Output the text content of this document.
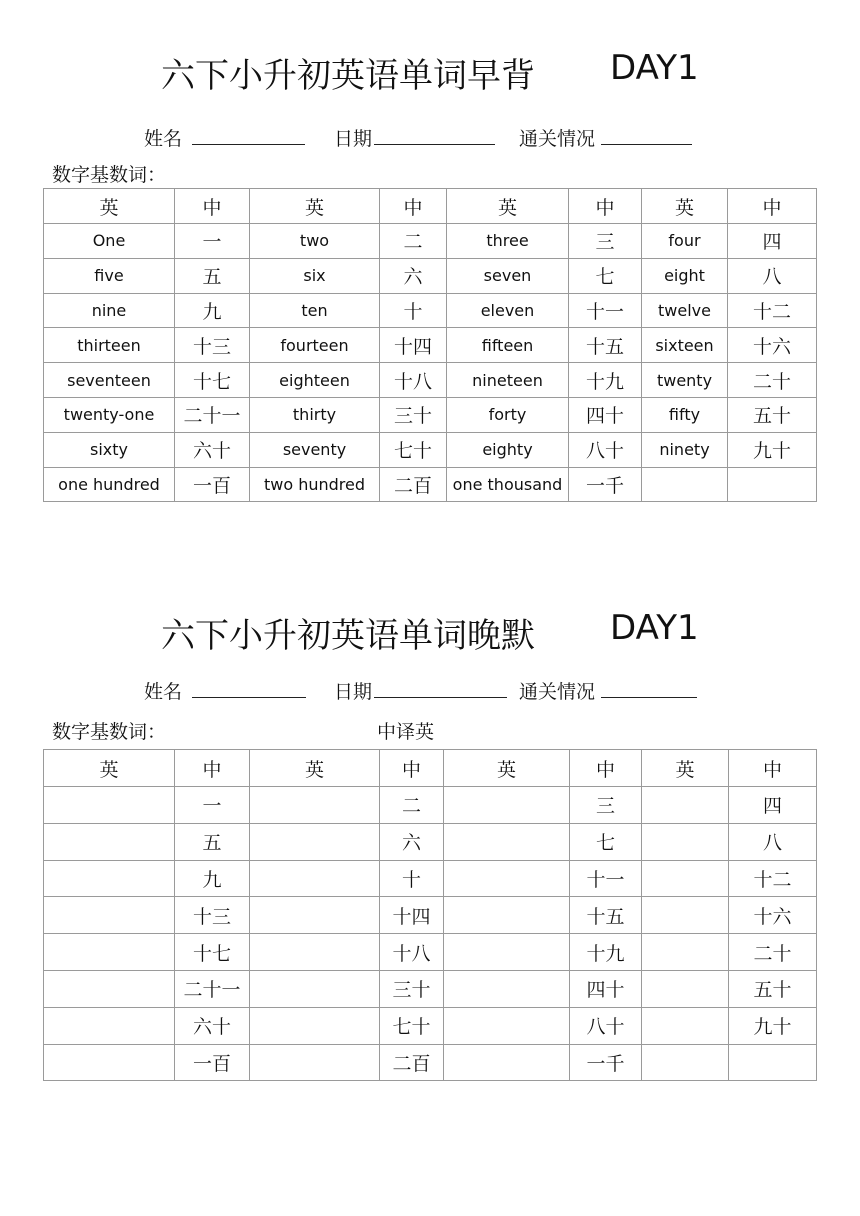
六下小升初英语单词早背 DAY1
姓名	日期	通关情况
数字基数词：
英	中	英	中	英	中	英	中
One	一	two	二	three	三	four	四
five	五	six	六	seven	七	eight	八
nine	九	ten	十	eleven	十一	twelve	十二
thirteen	十三	fourteen	十四	fifteen	十五	sixteen	十六
seventeen	十七	eighteen	十八	nineteen	十九	twenty	二十
twenty-one	二十一	thirty	三十	forty	四十	fifty	五十
sixty	六十	seventy	七十	eighty	八十	ninety	九十
one hundred	一百	two hundred	二百	one thousand	一千		
六下小升初英语单词晚默 DAY1
姓名	日期	通关情况
数字基数词：	中译英
英	中	英	中	英	中	英	中
	一		二		三		四
	五		六		七		八
	九		十		十一		十二
	十三		十四		十五		十六
	十七		十八		十九		二十
	二十一		三十		四十		五十
	六十		七十		八十		九十
	一百		二百		一千		
